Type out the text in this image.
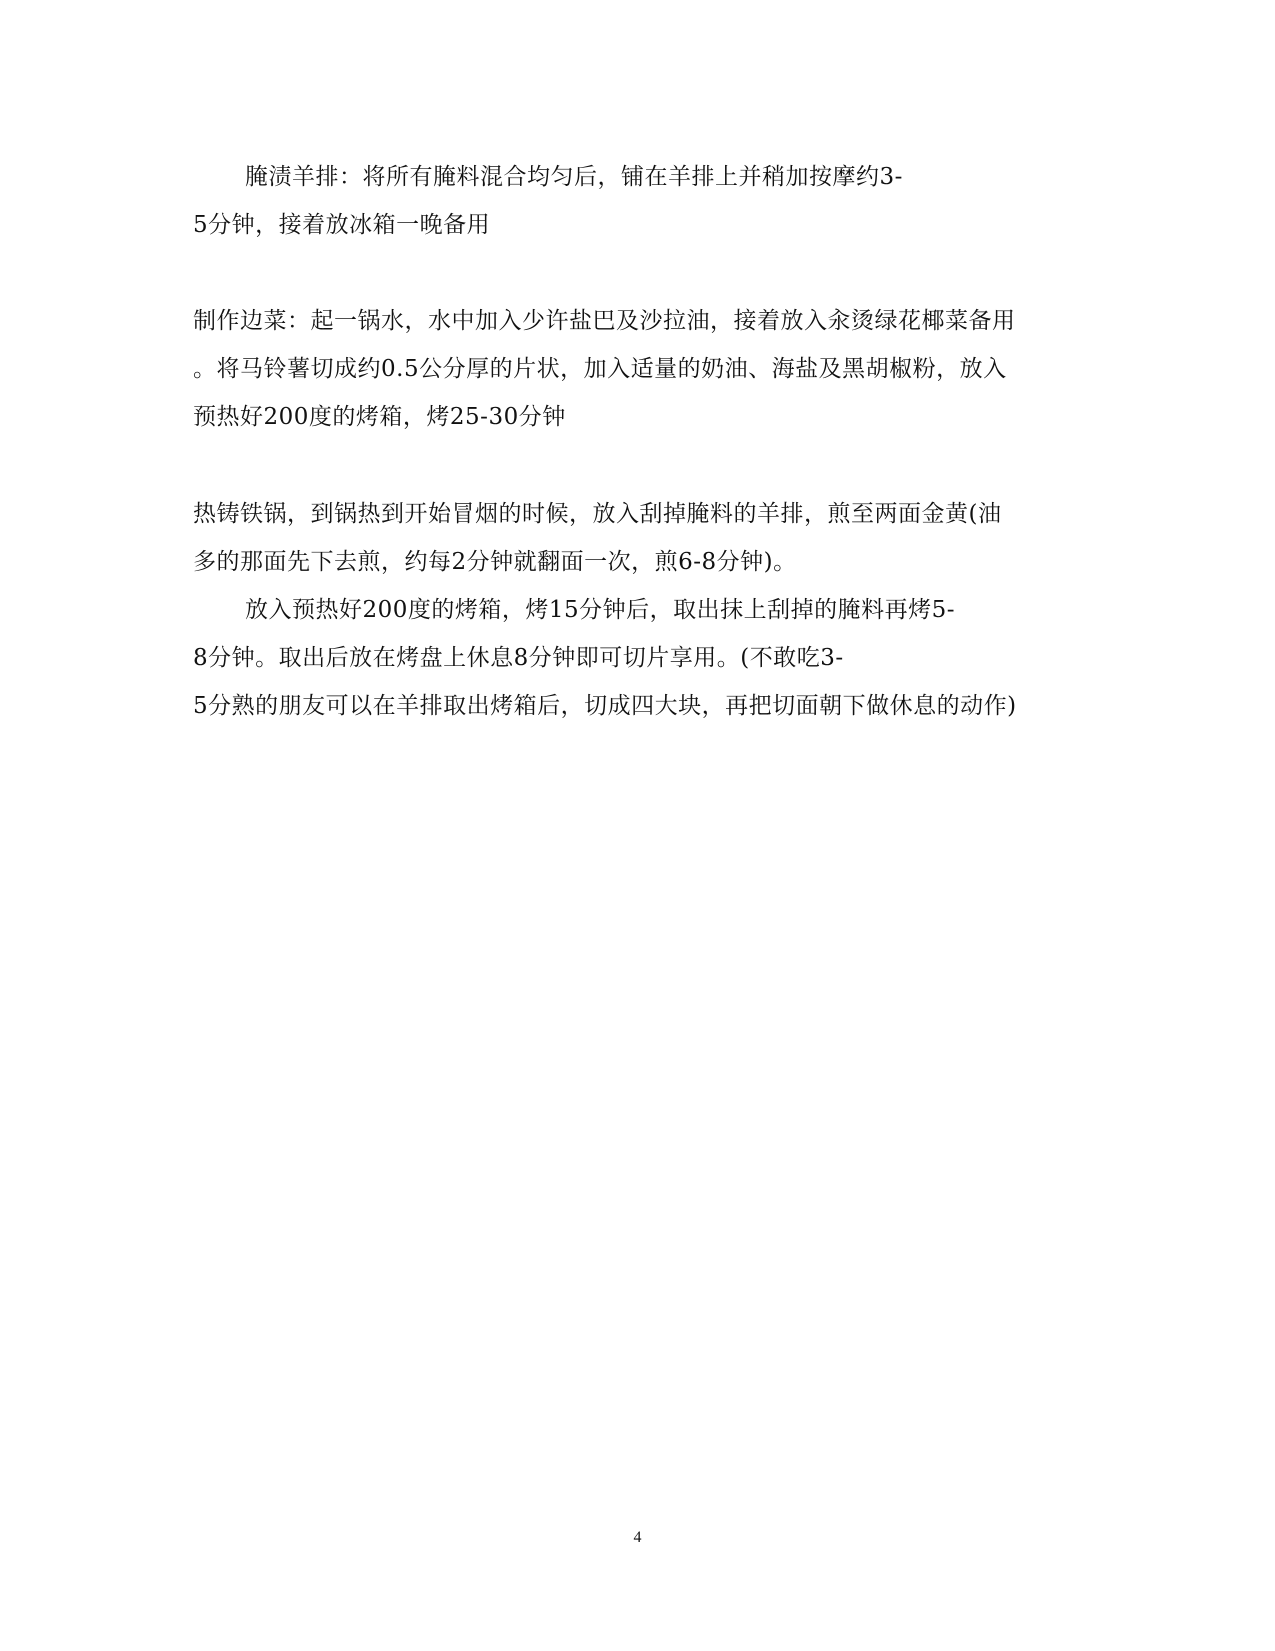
腌渍羊排：将所有腌料混合均匀后，铺在羊排上并稍加按摩约3-
5分钟，接着放冰箱一晚备用
制作边菜：起一锅水，水中加入少许盐巴及沙拉油，接着放入汆烫绿花椰菜备用
。将马铃薯切成约0.5公分厚的片状，加入适量的奶油、海盐及黑胡椒粉，放入
预热好200度的烤箱，烤25-30分钟
热铸铁锅，到锅热到开始冒烟的时候，放入刮掉腌料的羊排，煎至两面金黄(油
多的那面先下去煎，约每2分钟就翻面一次，煎6-8分钟)。
放入预热好200度的烤箱，烤15分钟后，取出抹上刮掉的腌料再烤5-
8分钟。取出后放在烤盘上休息8分钟即可切片享用。(不敢吃3-
5分熟的朋友可以在羊排取出烤箱后，切成四大块，再把切面朝下做休息的动作)
4
